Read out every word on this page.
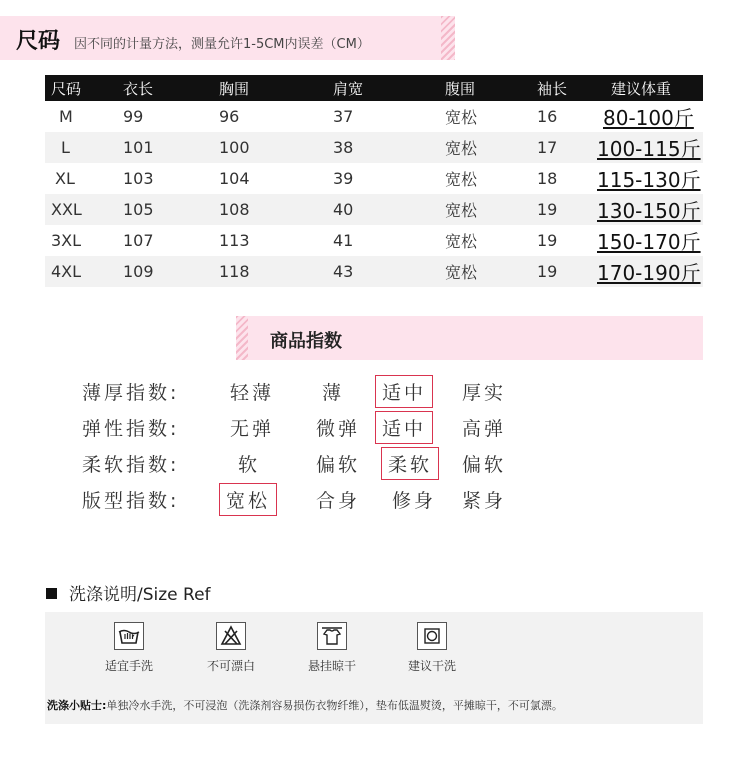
尺码 因不同的计量方法，测量允许1-5CM内误差（CM）
尺码	衣长	胸围	肩宽	腹围	袖长	建议体重
M	99	96	37	宽松	16	80-100斤
L	101	100	38	宽松	17	100-115斤
XL	103	104	39	宽松	18	115-130斤
XXL	105	108	40	宽松	19	130-150斤
3XL	107	113	41	宽松	19	150-170斤
4XL	109	118	43	宽松	19	170-190斤
商品指数
薄厚指数:	轻薄	薄 适中 厚实
弹性指数:	无弹 微弹 适中 高弹
柔软指数:	软	偏软 柔软 偏软
版型指数: 宽松 合身 修身 紧身
洗涤说明/Size Ref
适宜手洗	不可漂白	悬挂晾干	建议干洗
洗涤小贴士:单独冷水手洗，不可浸泡（洗涤剂容易损伤衣物纤维），垫布低温熨烫，平摊晾干，不可氯漂。
